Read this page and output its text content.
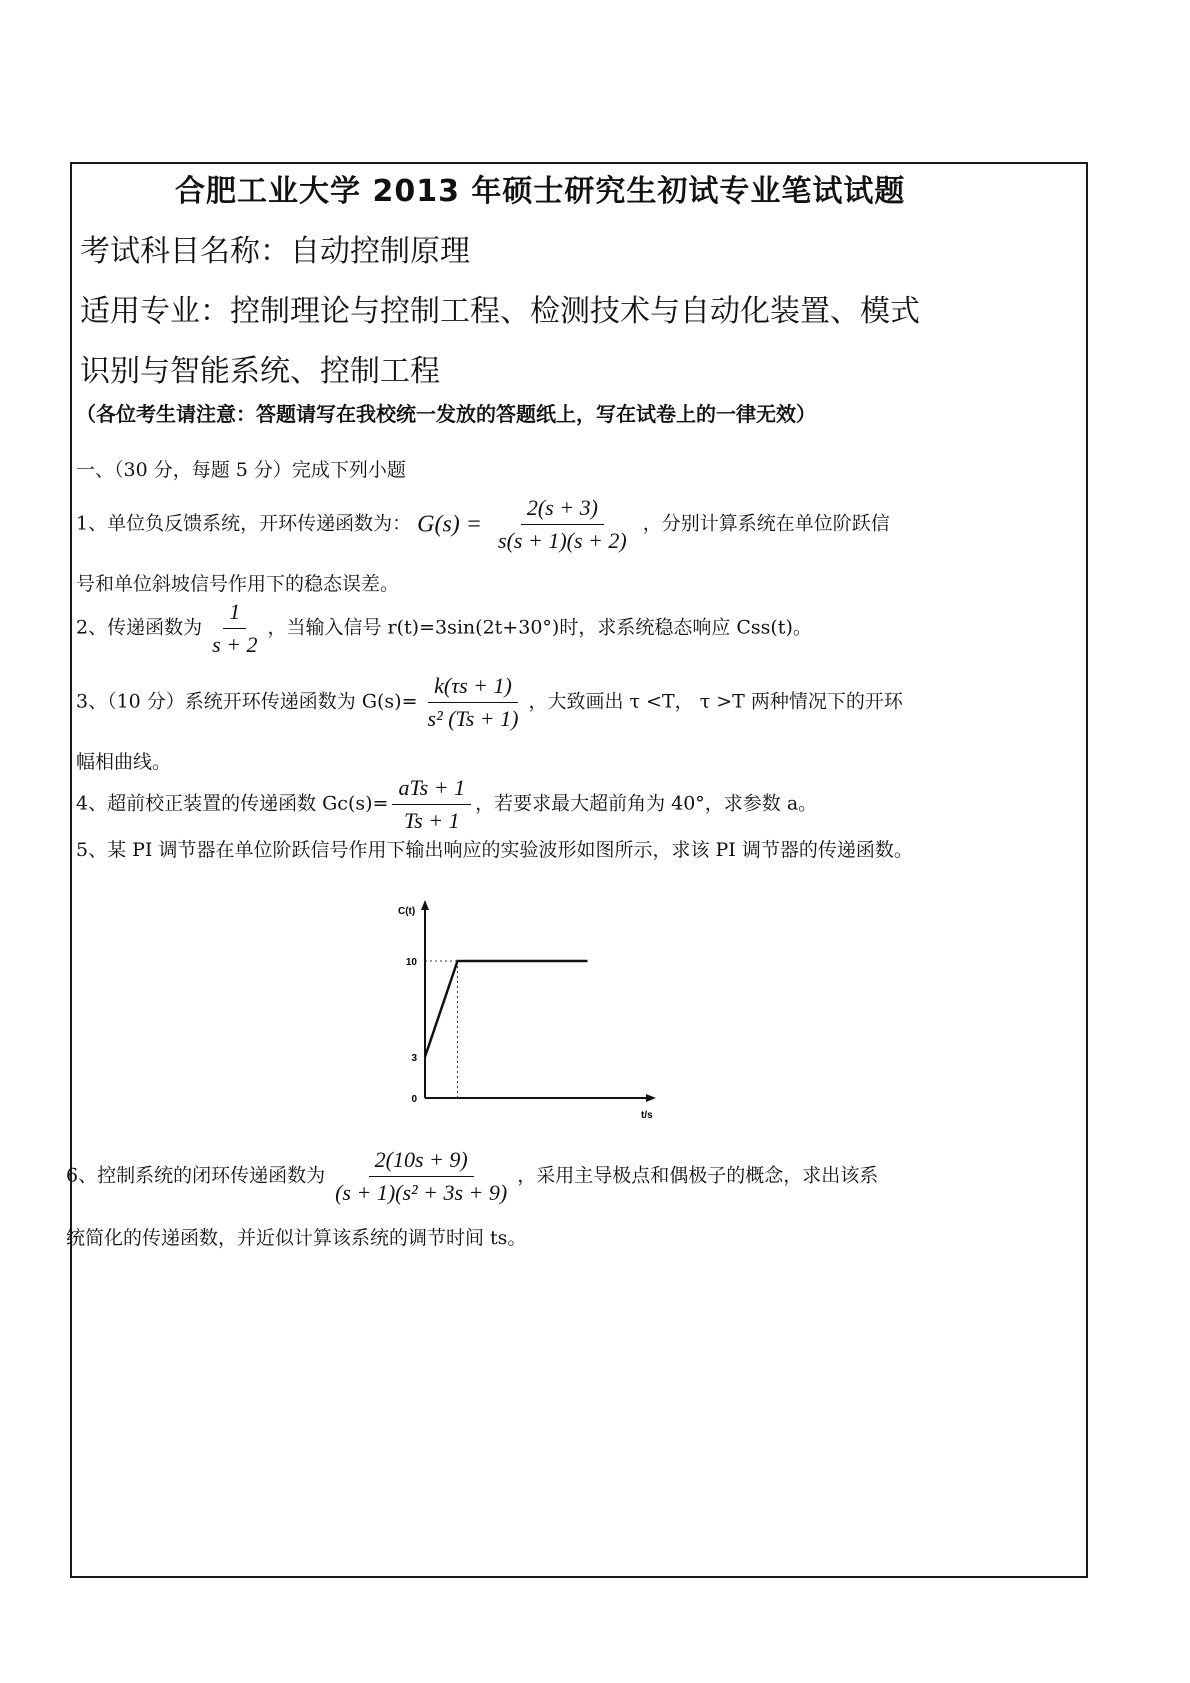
合肥工业大学 2013 年硕士研究生初试专业笔试试题
考试科目名称：自动控制原理
适用专业：控制理论与控制工程、检测技术与自动化装置、模式
识别与智能系统、控制工程
（各位考生请注意：答题请写在我校统一发放的答题纸上，写在试卷上的一律无效）
一、（30 分，每题 5 分）完成下列小题
1、单位负反馈系统，开环传递函数为： $G(s) = \frac{2(s + 3)}{s(s + 1)(s + 2)}$ ，分别计算系统在单位阶跃信
号和单位斜坡信号作用下的稳态误差。
2、传递函数为 $\frac{1}{s + 2}$ ，当输入信号 r(t)=3sin(2t+30°)时，求系统稳态响应 Css(t)。
3、（10 分）系统开环传递函数为 $G(s)= \frac{k(\tau s + 1)}{\text{s² (Ts + 1)}}$ ，大致画出 τ <T， τ >T 两种情况下的开环
幅相曲线。
4、超前校正装置的传递函数 $Gc(s)= \frac{\text{aTs + 1}}{Ts + 1}$ ，若要求最大超前角为 40°，求参数 a。
5、某 PI 调节器在单位阶跃信号作用下输出响应的实验波形如图所示，求该 PI 调节器的传递函数。
C(t)
t/s
0
3
10
6、控制系统的闭环传递函数为 $\frac{2(10s + 9)}{\text{(s + 1)(s² + 3s + 9)}}$ ，采用主导极点和偶极子的概念，求出该系
统简化的传递函数，并近似计算该系统的调节时间 ts。
